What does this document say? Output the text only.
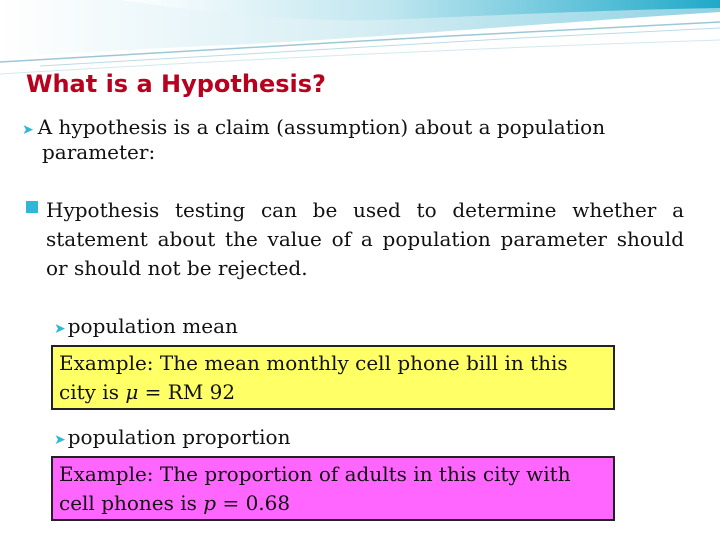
What is a Hypothesis?
➤ A hypothesis is a claim (assumption) about a population
parameter:
Hypothesis testing can be used to determine whether a statement about the value of a population parameter should or should not be rejected.
➤ population mean
Example: The mean monthly cell phone bill in this
city is μ = RM 92
➤ population proportion
Example: The proportion of adults in this city with
cell phones is p = 0.68
